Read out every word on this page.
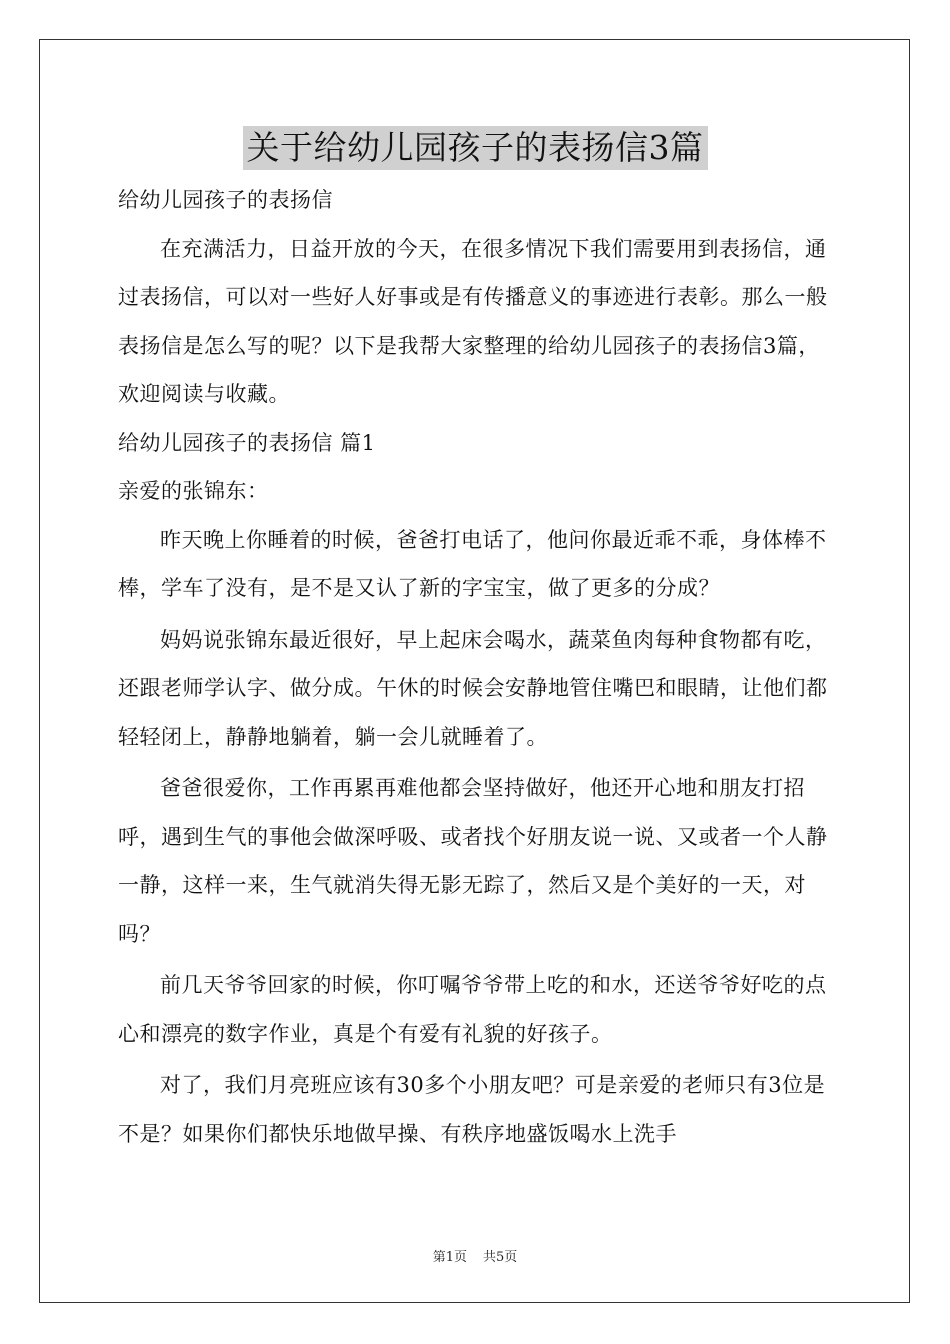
关于给幼儿园孩子的表扬信3篇

给幼儿园孩子的表扬信

在充满活力，日益开放的今天，在很多情况下我们需要用到表扬信，通过表扬信，可以对一些好人好事或是有传播意义的事迹进行表彰。那么一般表扬信是怎么写的呢？以下是我帮大家整理的给幼儿园孩子的表扬信3篇，欢迎阅读与收藏。

给幼儿园孩子的表扬信 篇1

亲爱的张锦东：

昨天晚上你睡着的时候，爸爸打电话了，他问你最近乖不乖，身体棒不棒，学车了没有，是不是又认了新的字宝宝，做了更多的分成？

妈妈说张锦东最近很好，早上起床会喝水，蔬菜鱼肉每种食物都有吃，还跟老师学认字、做分成。午休的时候会安静地管住嘴巴和眼睛，让他们都轻轻闭上，静静地躺着，躺一会儿就睡着了。

爸爸很爱你，工作再累再难他都会坚持做好，他还开心地和朋友打招呼，遇到生气的事他会做深呼吸、或者找个好朋友说一说、又或者一个人静一静，这样一来，生气就消失得无影无踪了，然后又是个美好的一天，对吗？

前几天爷爷回家的时候，你叮嘱爷爷带上吃的和水，还送爷爷好吃的点心和漂亮的数字作业，真是个有爱有礼貌的好孩子。

对了，我们月亮班应该有30多个小朋友吧？可是亲爱的老师只有3位是不是？如果你们都快乐地做早操、有秩序地盛饭喝水上洗手

第1页 共5页
